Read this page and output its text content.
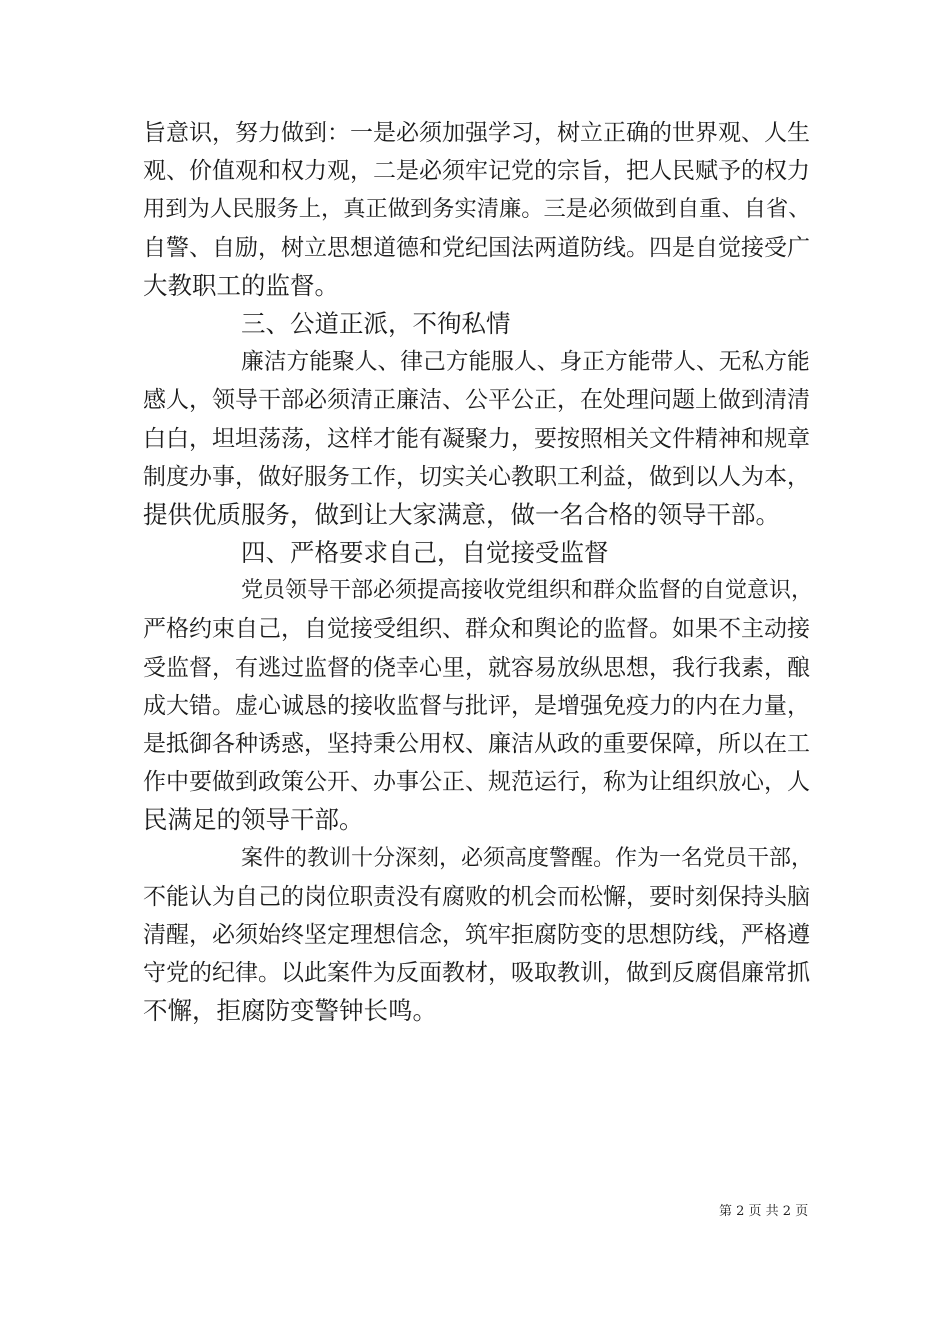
旨意识，努力做到：一是必须加强学习，树立正确的世界观、人生
观、价值观和权力观，二是必须牢记党的宗旨，把人民赋予的权力
用到为人民服务上，真正做到务实清廉。三是必须做到自重、自省、
自警、自励，树立思想道德和党纪国法两道防线。四是自觉接受广
大教职工的监督。
三、公道正派，不徇私情
廉洁方能聚人、律己方能服人、身正方能带人、无私方能
感人，领导干部必须清正廉洁、公平公正，在处理问题上做到清清
白白，坦坦荡荡，这样才能有凝聚力，要按照相关文件精神和规章
制度办事，做好服务工作，切实关心教职工利益，做到以人为本，
提供优质服务，做到让大家满意，做一名合格的领导干部。
四、严格要求自己，自觉接受监督
党员领导干部必须提高接收党组织和群众监督的自觉意识，
严格约束自己，自觉接受组织、群众和舆论的监督。如果不主动接
受监督，有逃过监督的侥幸心里，就容易放纵思想，我行我素，酿
成大错。虚心诚恳的接收监督与批评，是增强免疫力的内在力量，
是抵御各种诱惑，坚持秉公用权、廉洁从政的重要保障，所以在工
作中要做到政策公开、办事公正、规范运行，称为让组织放心，人
民满足的领导干部。
案件的教训十分深刻，必须高度警醒。作为一名党员干部，
不能认为自己的岗位职责没有腐败的机会而松懈，要时刻保持头脑
清醒，必须始终坚定理想信念，筑牢拒腐防变的思想防线，严格遵
守党的纪律。以此案件为反面教材，吸取教训，做到反腐倡廉常抓
不懈，拒腐防变警钟长鸣。
第 2 页 共 2 页
